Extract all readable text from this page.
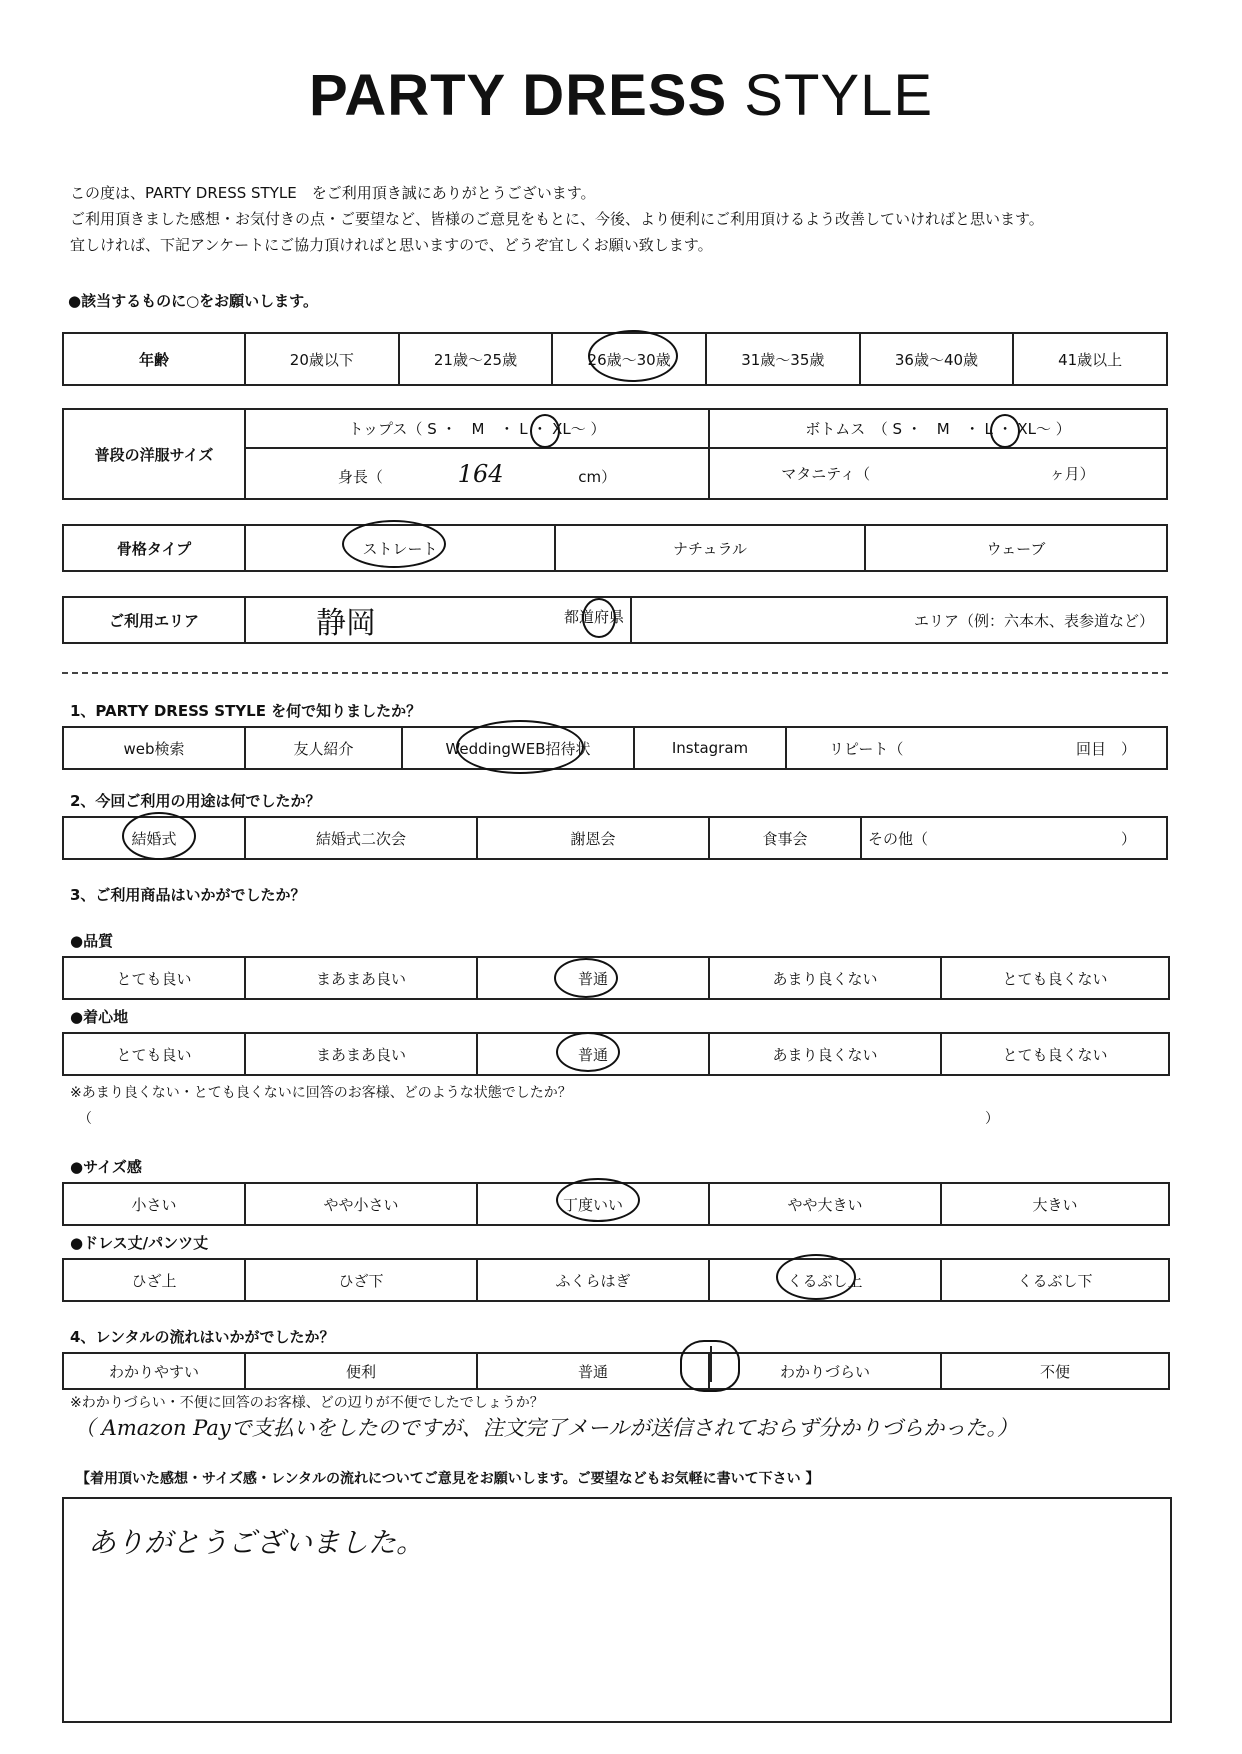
PARTY DRESS STYLE
この度は、PARTY DRESS STYLE　をご利用頂き誠にありがとうございます。
ご利用頂きました感想・お気付きの点・ご要望など、皆様のご意見をもとに、今後、より便利にご利用頂けるよう改善していければと思います。
宜しければ、下記アンケートにご協力頂ければと思いますので、どうぞ宜しくお願い致します。
●該当するものに○をお願いします。
年齢	20歳以下	21歳～25歳	26歳～30歳	31歳～35歳	36歳～40歳	41歳以上
普段の洋服サイズ	トップス（ S ・　M　・ L ・ XL～ ）	ボトムス　（ S ・　M　・ L ・ XL～ ）
	身長（ 164 cm）	マタニティ（ ヶ月）
骨格タイプ	ストレート	ナチュラル	ウェーブ
ご利用エリア	静岡	都道府県	エリア（例：六本木、表参道など）
1、PARTY DRESS STYLE を何で知りましたか？
web検索	友人紹介	WeddingWEB招待状	Instagram	リピート（	回目　）
2、今回ご利用の用途は何でしたか？
結婚式	結婚式二次会	謝恩会	食事会	その他（	）
3、ご利用商品はいかがでしたか？
●品質
とても良い	まあまあ良い	普通	あまり良くない	とても良くない
●着心地
とても良い	まあまあ良い	普通	あまり良くない	とても良くない
※あまり良くない・とても良くないに回答のお客様、どのような状態でしたか？
（	）
●サイズ感
小さい	やや小さい	丁度いい	やや大きい	大きい
●ドレス丈/パンツ丈
ひざ上	ひざ下	ふくらはぎ	くるぶし上	くるぶし下
4、レンタルの流れはいかがでしたか？
わかりやすい	便利	普通	わかりづらい	不便
※わかりづらい・不便に回答のお客様、どの辺りが不便でしたでしょうか？
（ Amazon Payで支払いをしたのですが、注文完了メールが送信されておらず分かりづらかった。）
【着用頂いた感想・サイズ感・レンタルの流れについてご意見をお願いします。ご要望などもお気軽に書いて下さい 】
ありがとうございました。
